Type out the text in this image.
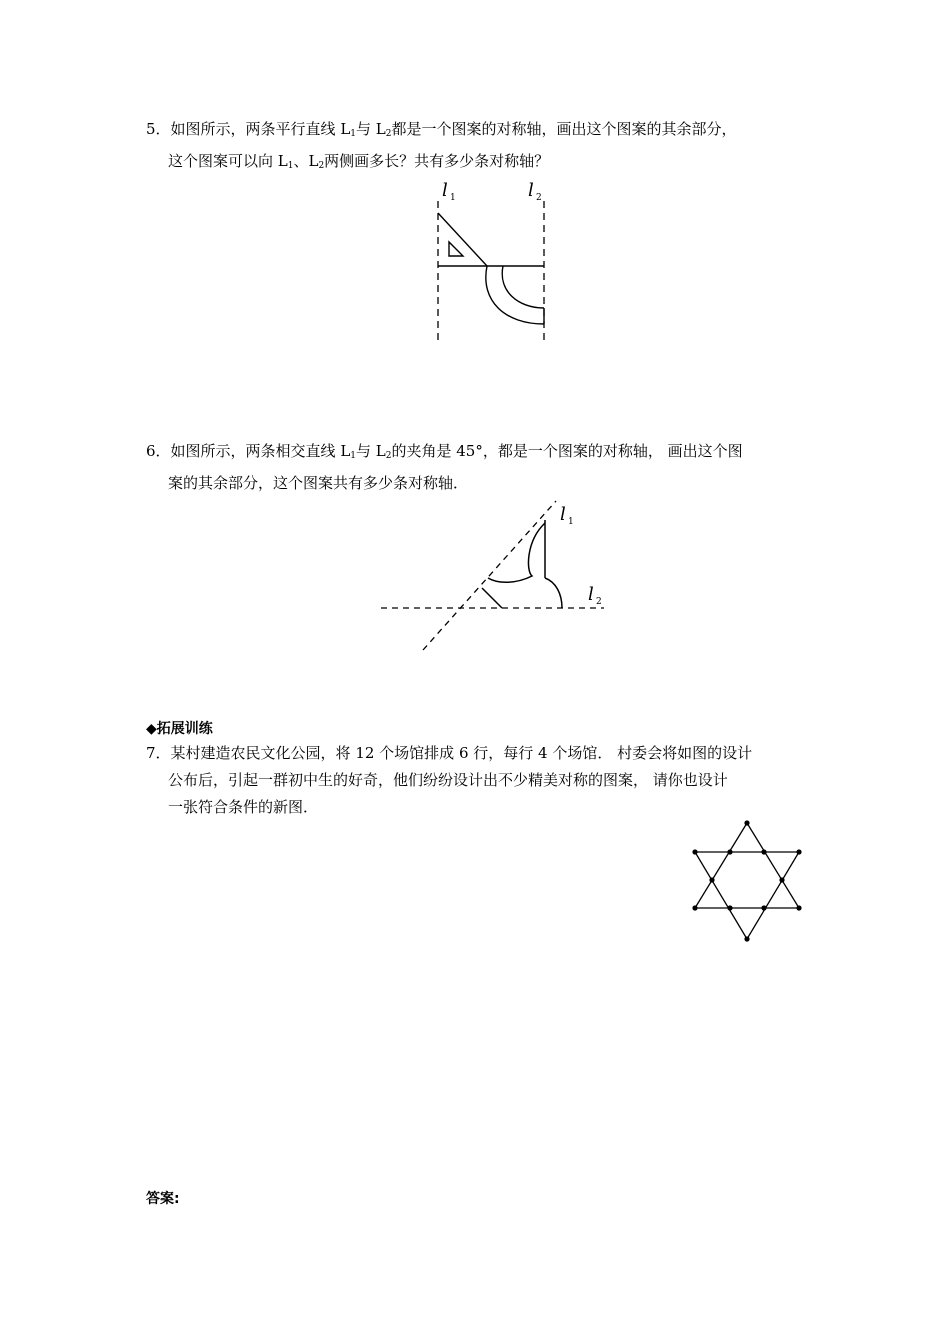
5．如图所示，两条平行直线 $L_1$与 $L_2$都是一个图案的对称轴，画出这个图案的其余部分，
这个图案可以向 $L_1$、$L_2$两侧画多长？共有多少条对称轴？
l 1	l 2
6．如图所示，两条相交直线 $L_1$与 $L_2$的夹角是 45°，都是一个图案的对称轴， 画出这个图
案的其余部分，这个图案共有多少条对称轴．
l 1
l 2
◆拓展训练
7．某村建造农民文化公园，将 12 个场馆排成 6 行，每行 4 个场馆． 村委会将如图的设计
公布后，引起一群初中生的好奇，他们纷纷设计出不少精美对称的图案， 请你也设计
一张符合条件的新图．
答案:
